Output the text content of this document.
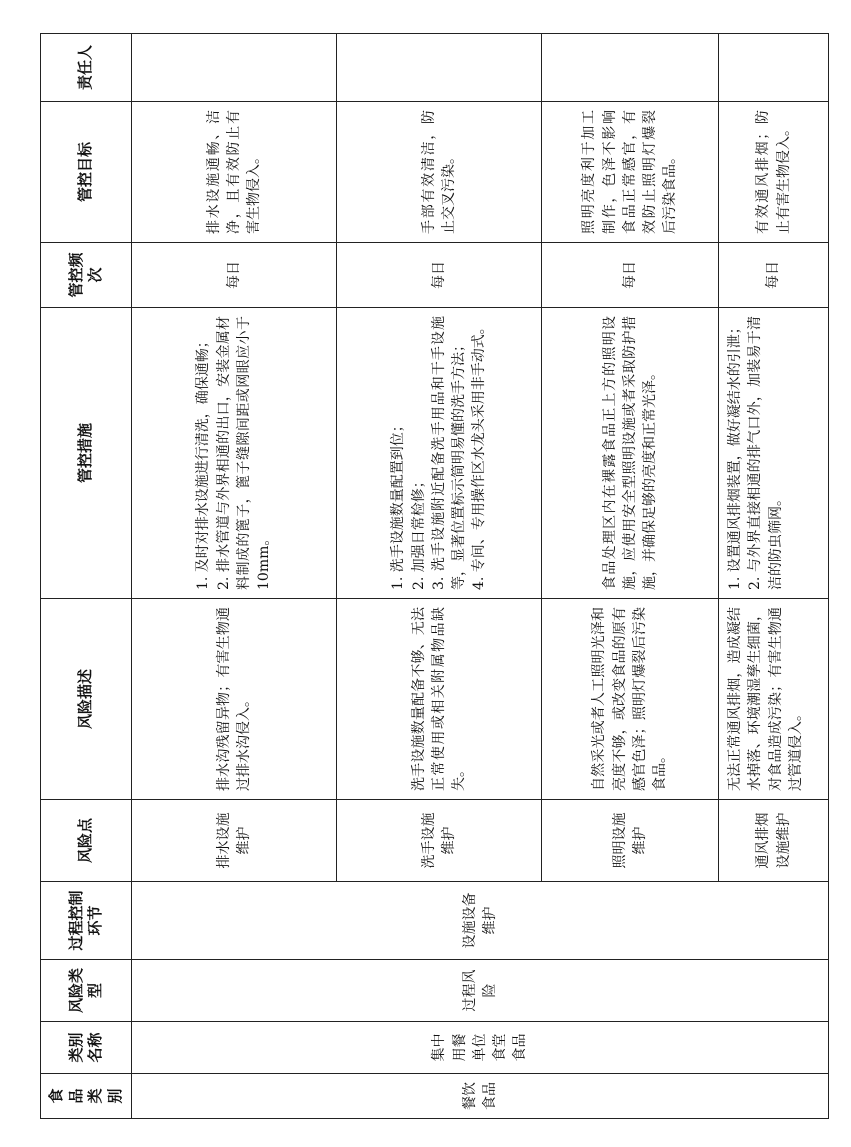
食品类别	类别名称	风险类型	过程控制环节	风险点	风险描述	管控措施	管控频次	管控目标	责任人
餐饮食品	集中用餐单位食堂食品	过程风险	设施设备维护	排水设施维护	排水沟残留异物；有害生物通过排水沟侵入。	1. 及时对排水设施进行清洗，确保通畅； 2. 排水管道与外界相通的出口，安装金属材料制成的篦子，篦子缝隙间距或网眼应小于10mm。	每日	排水设施通畅、洁净，且有效防止有害生物侵入。	
				洗手设施维护	洗手设施数量配备不够、无法正常使用或相关附属物品缺失。	1. 洗手设施数量配置到位； 2. 加强日常检修； 3. 洗手设施附近配备洗手用品和干手设施等，显著位置标示简明易懂的洗手方法； 4. 专间、专用操作区水龙头采用非手动式。	每日	手部有效清洁，防止交叉污染。	
				照明设施维护	自然采光或者人工照明光泽和亮度不够，或改变食品的原有感官色泽；照明灯爆裂后污染食品。	食品处理区内在裸露食品正上方的照明设施，应使用安全型照明设施或者采取防护措施，并确保足够的亮度和正常光泽。	每日	照明亮度利于加工制作，色泽不影响食品正常感官，有效防止照明灯爆裂后污染食品。	
				通风排烟设施维护	无法正常通风排烟，造成凝结水掉落、环境潮湿孳生细菌，对食品造成污染；有害生物通过管道侵入。	1. 设置通风排烟装置，做好凝结水的引泄； 2. 与外界直接相通的排气口外，加装易于清洁的防虫筛网。	每日	有效通风排烟；防止有害生物侵入。	
